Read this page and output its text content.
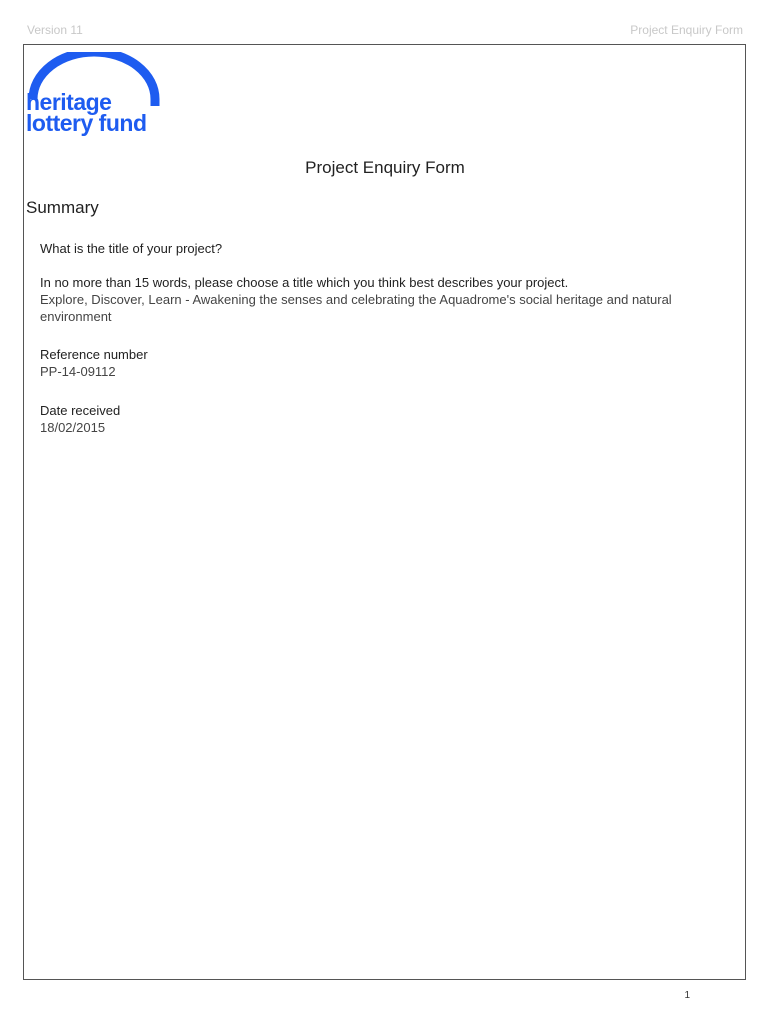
Version 11	Project Enquiry Form
heritage
lottery fund
Project Enquiry Form
Summary
What is the title of your project?
In no more than 15 words, please choose a title which you think best describes your project.
Explore, Discover, Learn - Awakening the senses and celebrating the Aquadrome's social heritage and natural environment
Reference number
PP-14-09112
Date received
18/02/2015
1
